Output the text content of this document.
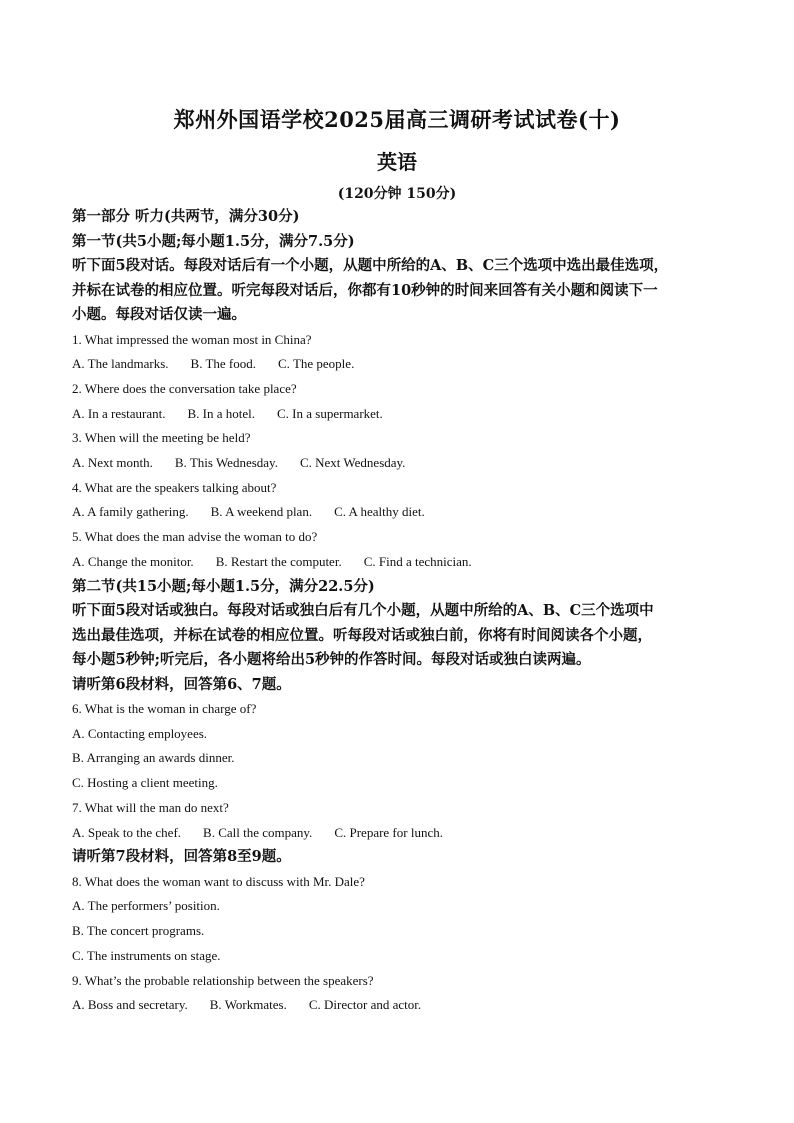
郑州外国语学校2025届高三调研考试试卷(十)
英语
(120分钟 150分)
第一部分 听力(共两节，满分30分)
第一节(共5小题;每小题1.5分，满分7.5分)
听下面5段对话。每段对话后有一个小题，从题中所给的A、B、C三个选项中选出最佳选项，
并标在试卷的相应位置。听完每段对话后，你都有10秒钟的时间来回答有关小题和阅读下一
小题。每段对话仅读一遍。
1. What impressed the woman most in China?
A. The landmarks. B. The food. C. The people.
2. Where does the conversation take place?
A. In a restaurant. B. In a hotel. C. In a supermarket.
3. When will the meeting be held?
A. Next month. B. This Wednesday. C. Next Wednesday.
4. What are the speakers talking about?
A. A family gathering. B. A weekend plan. C. A healthy diet.
5. What does the man advise the woman to do?
A. Change the monitor. B. Restart the computer. C. Find a technician.
第二节(共15小题;每小题1.5分，满分22.5分)
听下面5段对话或独白。每段对话或独白后有几个小题，从题中所给的A、B、C三个选项中
选出最佳选项，并标在试卷的相应位置。听每段对话或独白前，你将有时间阅读各个小题，
每小题5秒钟;听完后，各小题将给出5秒钟的作答时间。每段对话或独白读两遍。
请听第6段材料，回答第6、7题。
6. What is the woman in charge of?
A. Contacting employees.
B. Arranging an awards dinner.
C. Hosting a client meeting.
7. What will the man do next?
A. Speak to the chef. B. Call the company. C. Prepare for lunch.
请听第7段材料，回答第8至9题。
8. What does the woman want to discuss with Mr. Dale?
A. The performers’ position.
B. The concert programs.
C. The instruments on stage.
9. What’s the probable relationship between the speakers?
A. Boss and secretary. B. Workmates. C. Director and actor.
